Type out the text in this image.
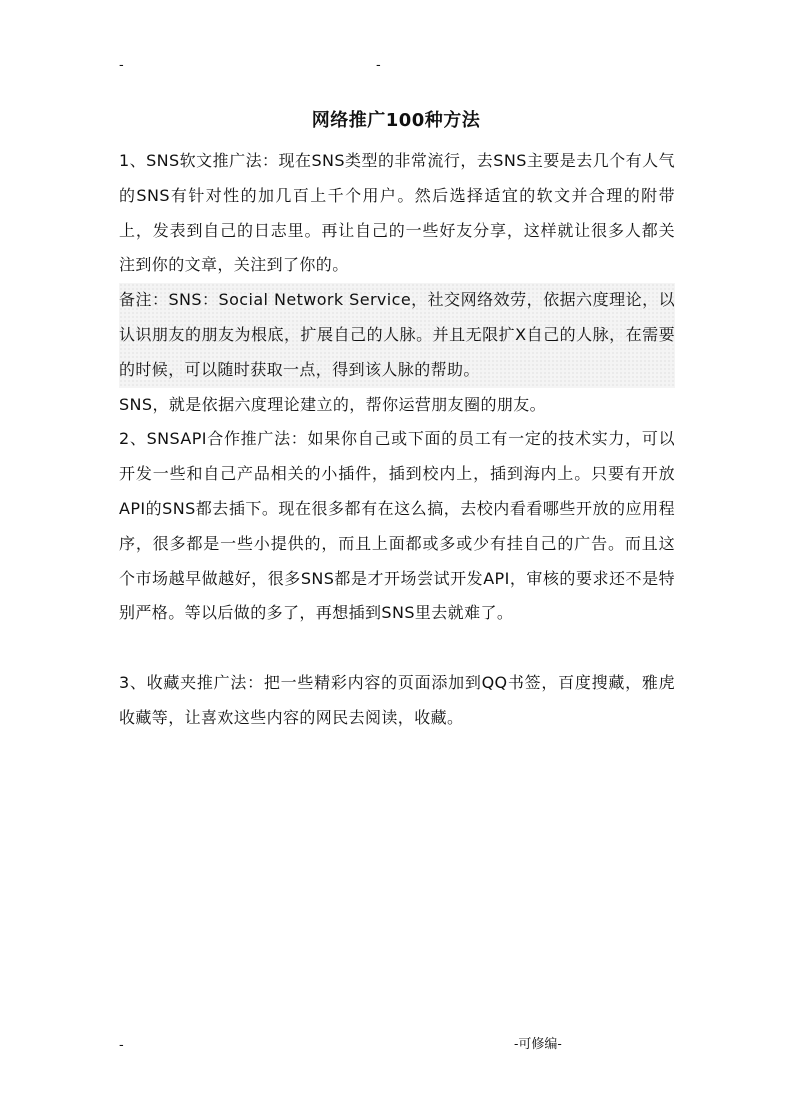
-	-
网络推广100种方法

1、SNS软文推广法：现在SNS类型的非常流行，去SNS主要是去几个有人气的SNS有针对性的加几百上千个用户。然后选择适宜的软文并合理的附带上，发表到自己的日志里。再让自己的一些好友分享，这样就让很多人都关注到你的文章，关注到了你的。

备注：SNS：Social Network Service，社交网络效劳，依据六度理论，以认识朋友的朋友为根底，扩展自己的人脉。并且无限扩X自己的人脉，在需要的时候，可以随时获取一点，得到该人脉的帮助。

SNS，就是依据六度理论建立的，帮你运营朋友圈的朋友。

2、SNSAPI合作推广法：如果你自己或下面的员工有一定的技术实力，可以开发一些和自己产品相关的小插件，插到校内上，插到海内上。只要有开放API的SNS都去插下。现在很多都有在这么搞，去校内看看哪些开放的应用程序，很多都是一些小提供的，而且上面都或多或少有挂自己的广告。而且这个市场越早做越好，很多SNS都是才开场尝试开发API，审核的要求还不是特别严格。等以后做的多了，再想插到SNS里去就难了。

3、收藏夹推广法：把一些精彩内容的页面添加到QQ书签，百度搜藏，雅虎收藏等，让喜欢这些内容的网民去阅读，收藏。

-	-可修编-
